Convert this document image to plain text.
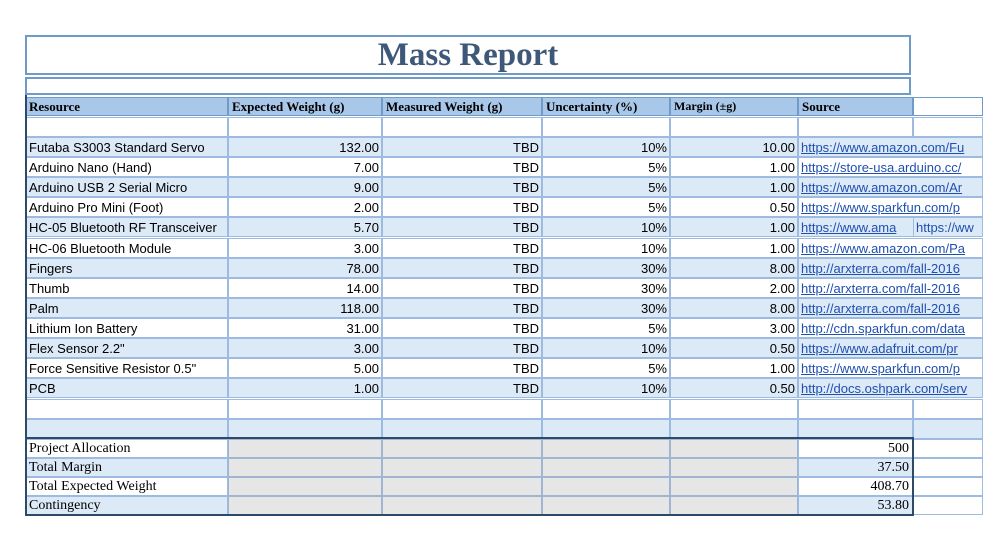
Mass Report
Resource	Expected Weight (g)	Measured Weight (g)	Uncertainty (%)	Margin (±g)	Source
Futaba S3003 Standard Servo	132.00	TBD	10%	10.00 https://www.amazon.com/Fu
Arduino Nano (Hand)	7.00	TBD	5%	1.00 https://store-usa.arduino.cc/
Arduino USB 2 Serial Micro	9.00	TBD	5%	1.00 https://www.amazon.com/Ar
Arduino Pro Mini (Foot)	2.00	TBD	5%	0.50 https://www.sparkfun.com/p
HC-05 Bluetooth RF Transceiver	5.70	TBD	10%	1.00 https://www.ama	https://ww
HC-06 Bluetooth Module	3.00	TBD	10%	1.00 https://www.amazon.com/Pa
Fingers	78.00	TBD	30%	8.00 http://arxterra.com/fall-2016
Thumb	14.00	TBD	30%	2.00 http://arxterra.com/fall-2016
Palm	118.00	TBD	30%	8.00 http://arxterra.com/fall-2016
Lithium Ion Battery	31.00	TBD	5%	3.00 http://cdn.sparkfun.com/data
Flex Sensor 2.2"	3.00	TBD	10%	0.50 https://www.adafruit.com/pr
Force Sensitive Resistor 0.5"	5.00	TBD	5%	1.00 https://www.sparkfun.com/p
PCB	1.00	TBD	10%	0.50 http://docs.oshpark.com/serv
Project Allocation	500
Total Margin	37.50
Total Expected Weight	408.70
Contingency	53.80
